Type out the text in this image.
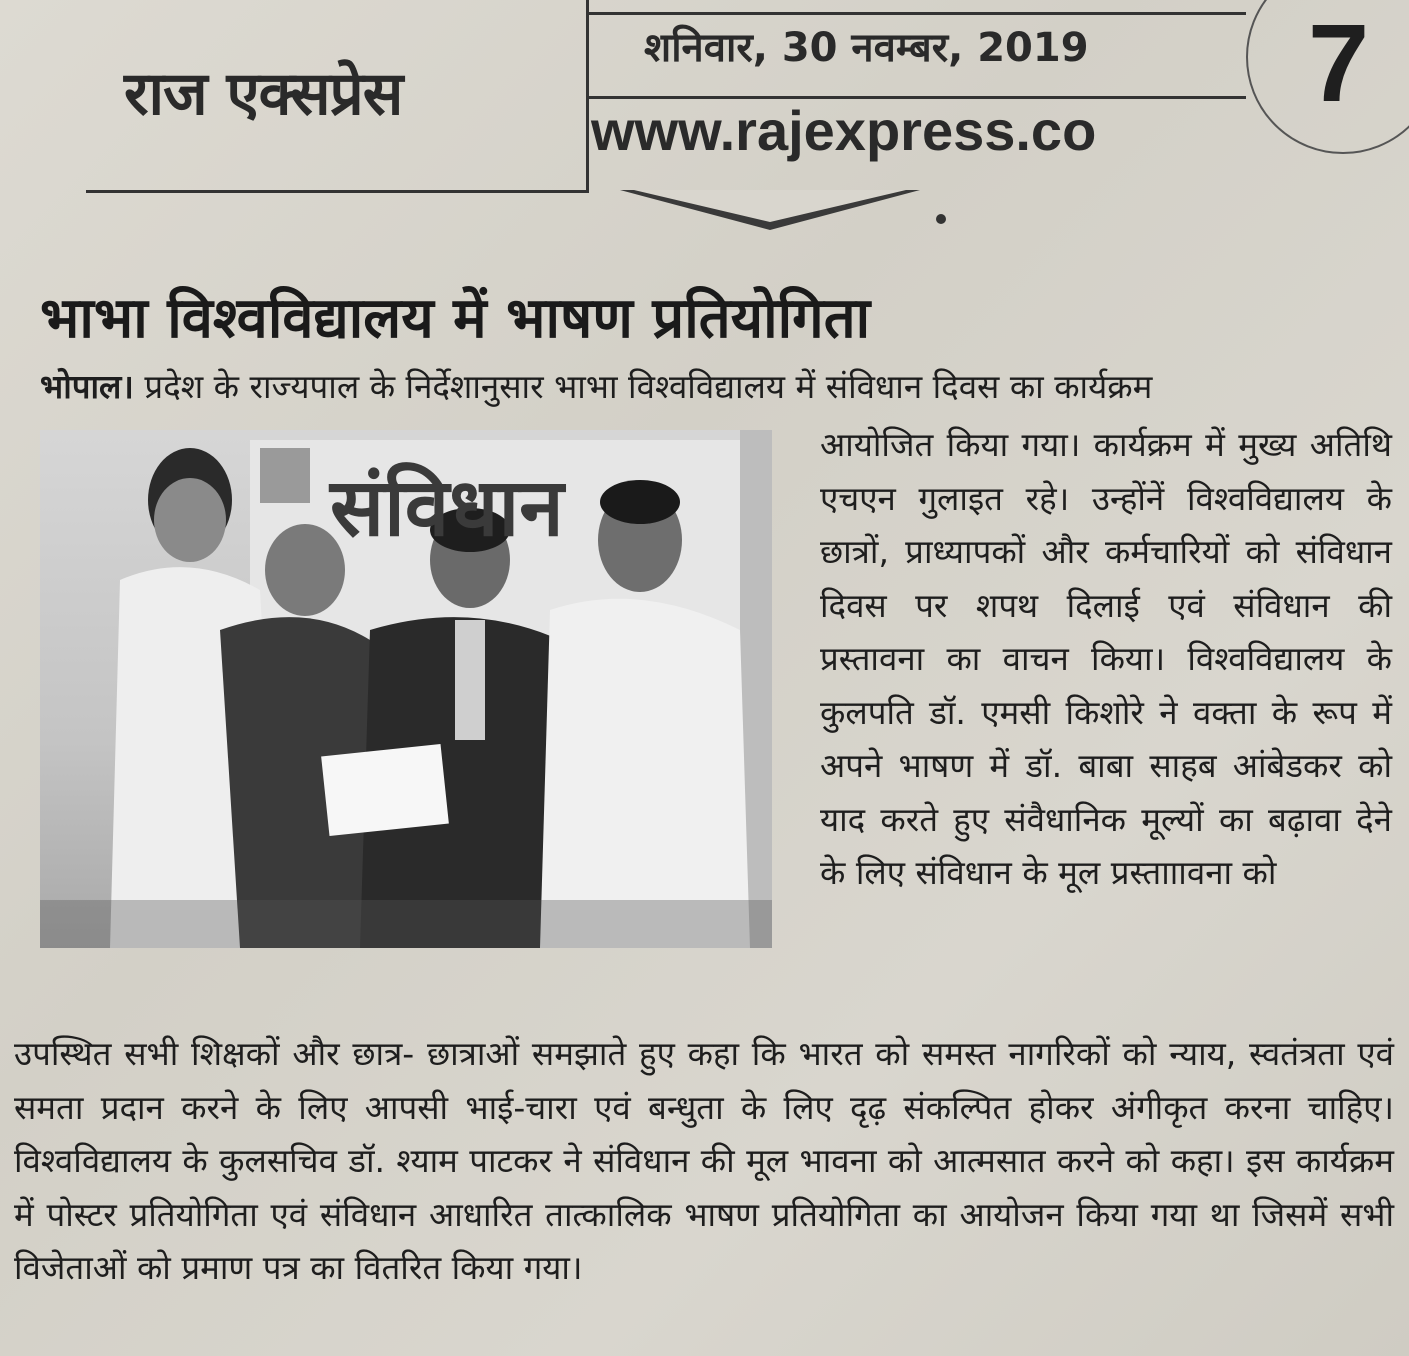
राज एक्सप्रेस
शनिवार, 30 नवम्बर, 2019
www.rajexpress.co
7
भाभा विश्वविद्यालय में भाषण प्रतियोगिता
भोपाल। प्रदेश के राज्यपाल के निर्देशानुसार भाभा विश्वविद्यालय में संविधान दिवस का कार्यक्रम
संविधान
आयोजित किया गया। कार्यक्रम में मुख्य अतिथि एचएन गुलाइत रहे। उन्होंनें विश्वविद्यालय के छात्रों, प्राध्यापकों और कर्मचारियों को संविधान दिवस पर शपथ दिलाई एवं संविधान की प्रस्तावना का वाचन किया। विश्वविद्यालय के कुलपति डॉ. एमसी किशोरे ने वक्ता के रूप में अपने भाषण में डॉ. बाबा साहब आंबेडकर को याद करते हुए संवैधानिक मूल्यों का बढ़ावा देने के लिए संविधान के मूल प्रस्तााावना को
उपस्थित सभी शिक्षकों और छात्र- छात्राओं समझाते हुए कहा कि भारत को समस्त नागरिकों को न्याय, स्वतंत्रता एवं समता प्रदान करने के लिए आपसी भाई-चारा एवं बन्धुता के लिए दृढ़ संकल्पित होकर अंगीकृत करना चाहिए। विश्वविद्यालय के कुलसचिव डॉ. श्याम पाटकर ने संविधान की मूल भावना को आत्मसात करने को कहा। इस कार्यक्रम में पोस्टर प्रतियोगिता एवं संविधान आधारित तात्कालिक भाषण प्रतियोगिता का आयोजन किया गया था जिसमें सभी विजेताओं को प्रमाण पत्र का वितरित किया गया।
